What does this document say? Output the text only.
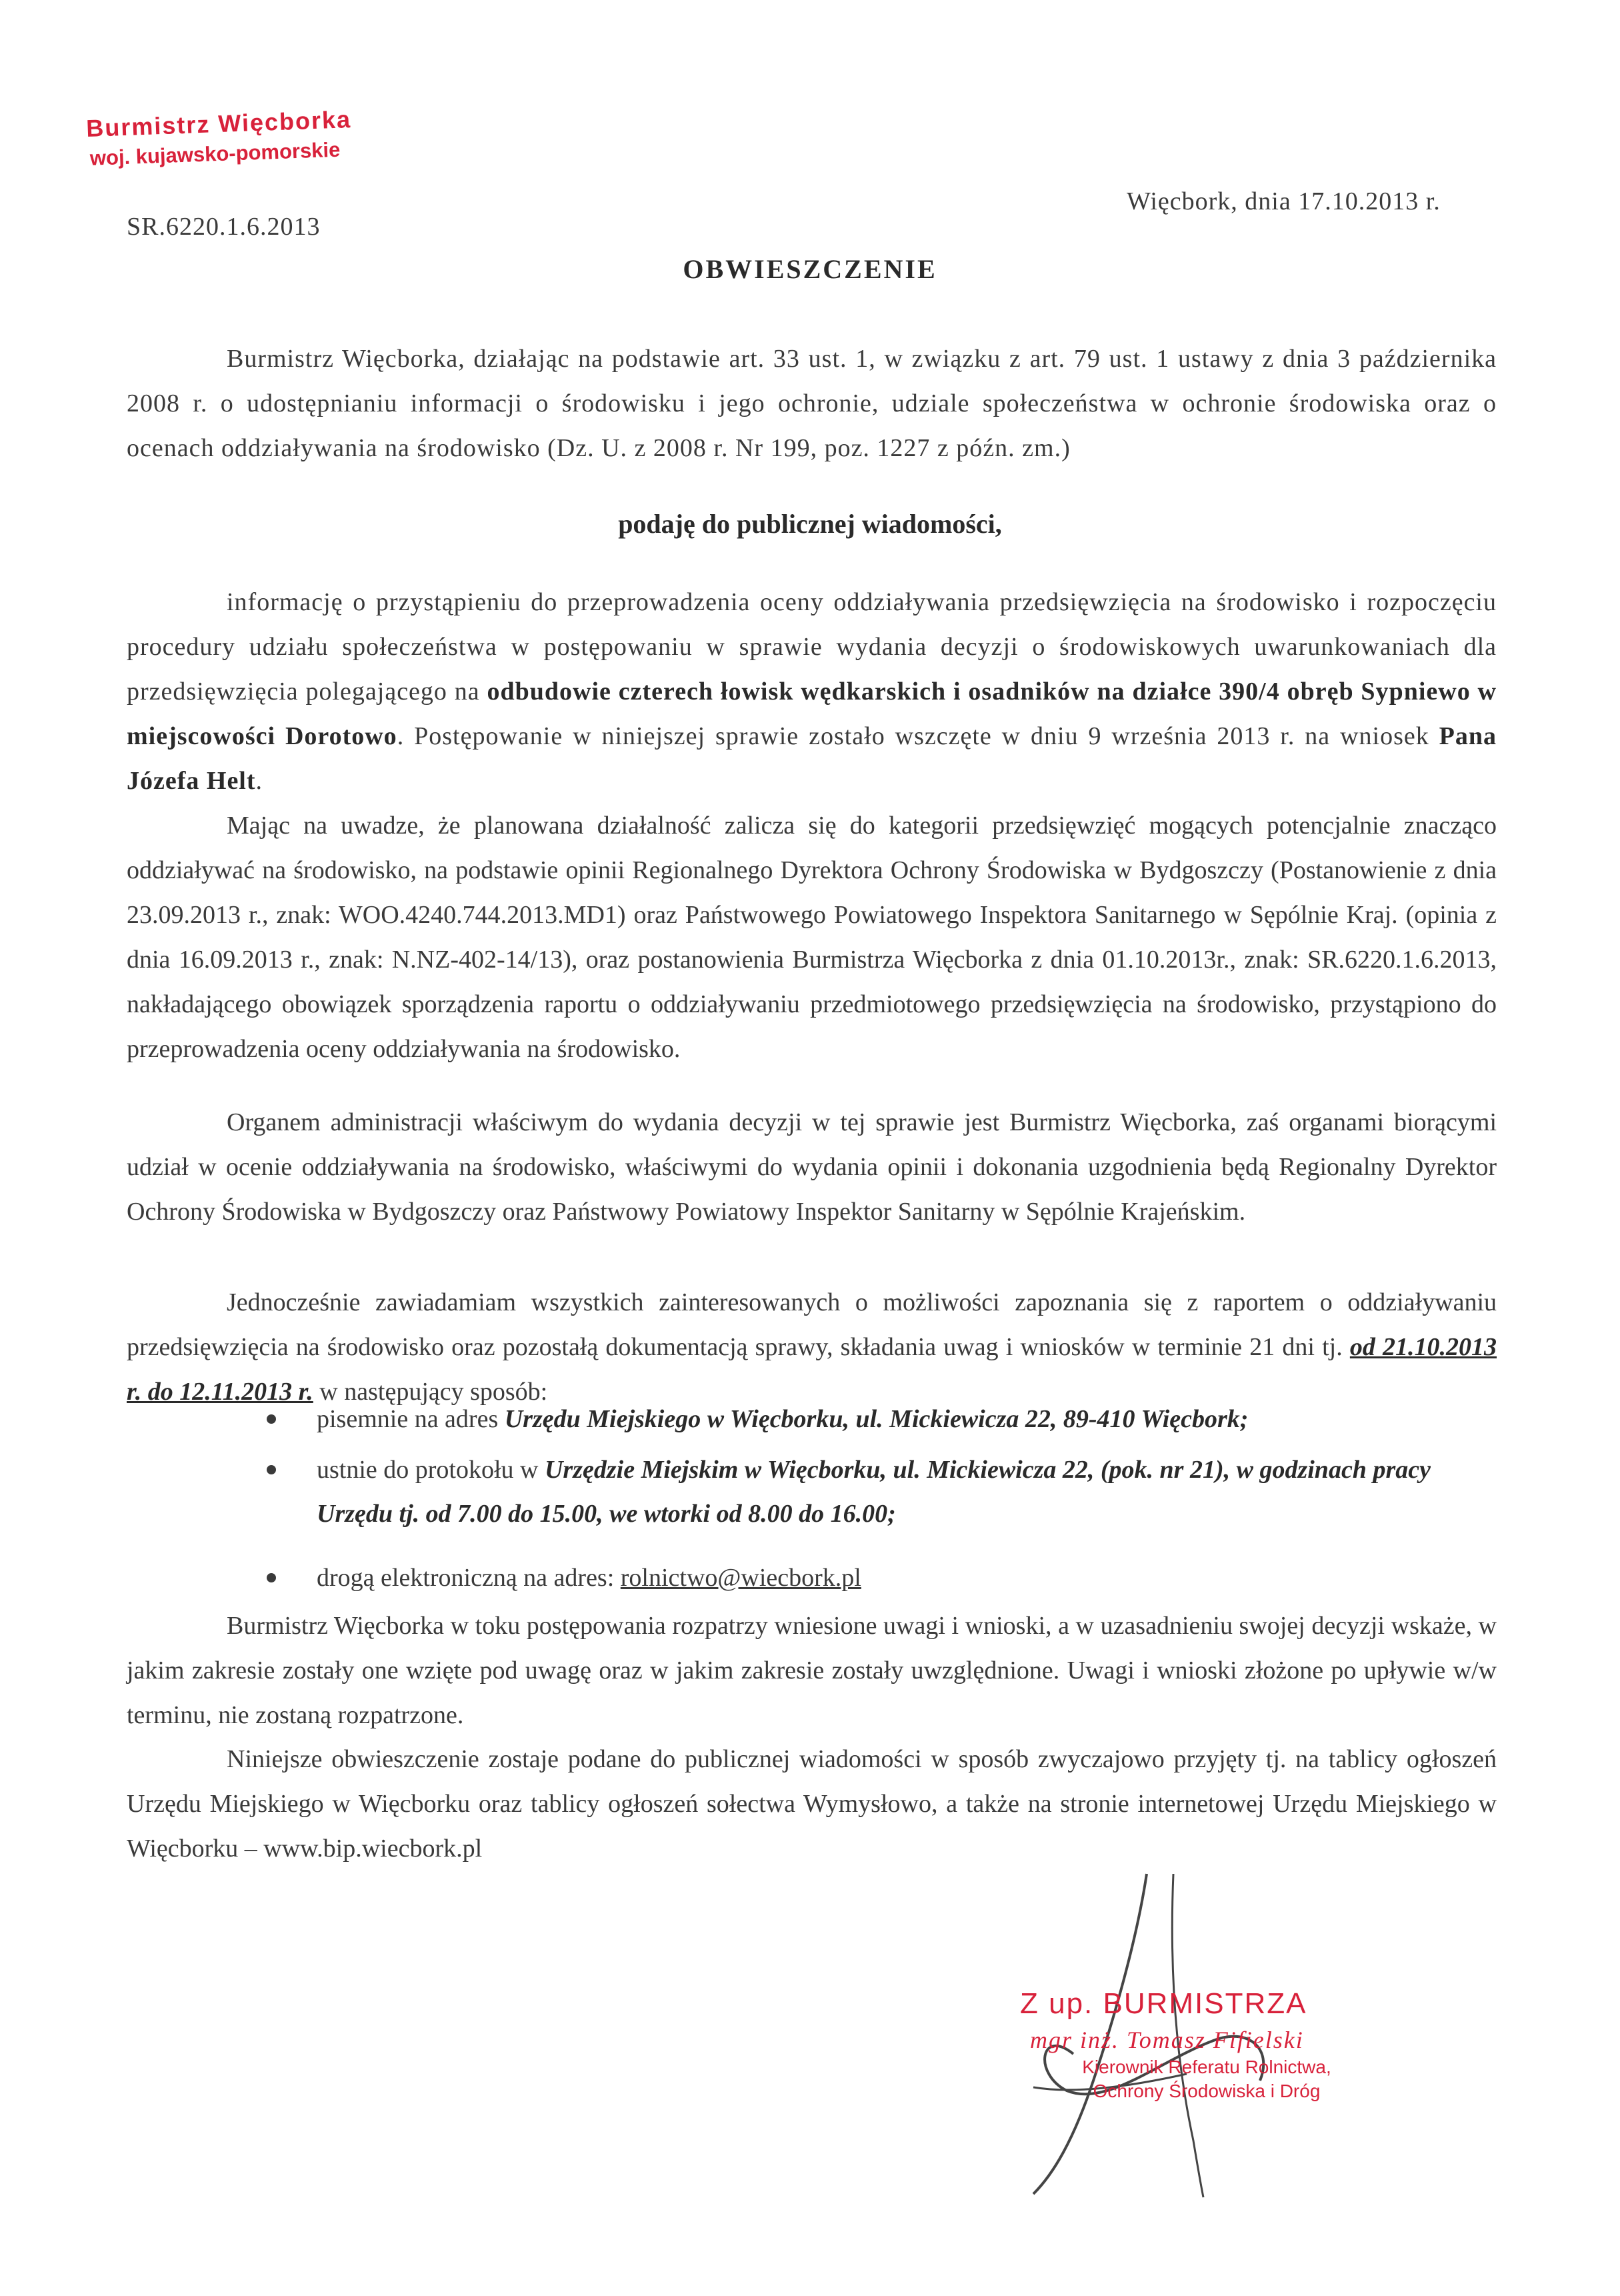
Burmistrz Więcborka
woj. kujawsko-pomorskie
Więcbork, dnia 17.10.2013 r.
SR.6220.1.6.2013
OBWIESZCZENIE

Burmistrz Więcborka, działając na podstawie art. 33 ust. 1, w związku z art. 79 ust. 1 ustawy z dnia 3 października 2008 r. o udostępnianiu informacji o środowisku i jego ochronie, udziale społeczeństwa w ochronie środowiska oraz o ocenach oddziaływania na środowisko (Dz. U. z 2008 r. Nr 199, poz. 1227 z późn. zm.)

podaję do publicznej wiadomości,

informację o przystąpieniu do przeprowadzenia oceny oddziaływania przedsięwzięcia na środowisko i rozpoczęciu procedury udziału społeczeństwa w postępowaniu w sprawie wydania decyzji o środowiskowych uwarunkowaniach dla przedsięwzięcia polegającego na odbudowie czterech łowisk wędkarskich i osadników na działce 390/4 obręb Sypniewo w miejscowości Dorotowo. Postępowanie w niniejszej sprawie zostało wszczęte w dniu 9 września 2013 r. na wniosek Pana Józefa Helt.

Mając na uwadze, że planowana działalność zalicza się do kategorii przedsięwzięć mogących potencjalnie znacząco oddziaływać na środowisko, na podstawie opinii Regionalnego Dyrektora Ochrony Środowiska w Bydgoszczy (Postanowienie z dnia 23.09.2013 r., znak: WOO.4240.744.2013.MD1) oraz Państwowego Powiatowego Inspektora Sanitarnego w Sępólnie Kraj. (opinia z dnia 16.09.2013 r., znak: N.NZ-402-14/13), oraz postanowienia Burmistrza Więcborka z dnia 01.10.2013r., znak: SR.6220.1.6.2013, nakładającego obowiązek sporządzenia raportu o oddziaływaniu przedmiotowego przedsięwzięcia na środowisko, przystąpiono do przeprowadzenia oceny oddziaływania na środowisko.

Organem administracji właściwym do wydania decyzji w tej sprawie jest Burmistrz Więcborka, zaś organami biorącymi udział w ocenie oddziaływania na środowisko, właściwymi do wydania opinii i dokonania uzgodnienia będą Regionalny Dyrektor Ochrony Środowiska w Bydgoszczy oraz Państwowy Powiatowy Inspektor Sanitarny w Sępólnie Krajeńskim.

Jednocześnie zawiadamiam wszystkich zainteresowanych o możliwości zapoznania się z raportem o oddziaływaniu przedsięwzięcia na środowisko oraz pozostałą dokumentacją sprawy, składania uwag i wniosków w terminie 21 dni tj. od 21.10.2013 r. do 12.11.2013 r. w następujący sposób:

pisemnie na adres Urzędu Miejskiego w Więcborku, ul. Mickiewicza 22, 89-410 Więcbork;
ustnie do protokołu w Urzędzie Miejskim w Więcborku, ul. Mickiewicza 22, (pok. nr 21), w godzinach pracy Urzędu tj. od 7.00 do 15.00, we wtorki od 8.00 do 16.00;
drogą elektroniczną na adres: rolnictwo@wiecbork.pl

Burmistrz Więcborka w toku postępowania rozpatrzy wniesione uwagi i wnioski, a w uzasadnieniu swojej decyzji wskaże, w jakim zakresie zostały one wzięte pod uwagę oraz w jakim zakresie zostały uwzględnione. Uwagi i wnioski złożone po upływie w/w terminu, nie zostaną rozpatrzone.

Niniejsze obwieszczenie zostaje podane do publicznej wiadomości w sposób zwyczajowo przyjęty tj. na tablicy ogłoszeń Urzędu Miejskiego w Więcborku oraz tablicy ogłoszeń sołectwa Wymysłowo, a także na stronie internetowej Urzędu Miejskiego w Więcborku – www.bip.wiecbork.pl

Z up. BURMISTRZA
mgr inż. Tomasz Fifielski
Kierownik Referatu Rolnictwa,
Ochrony Środowiska i Dróg
